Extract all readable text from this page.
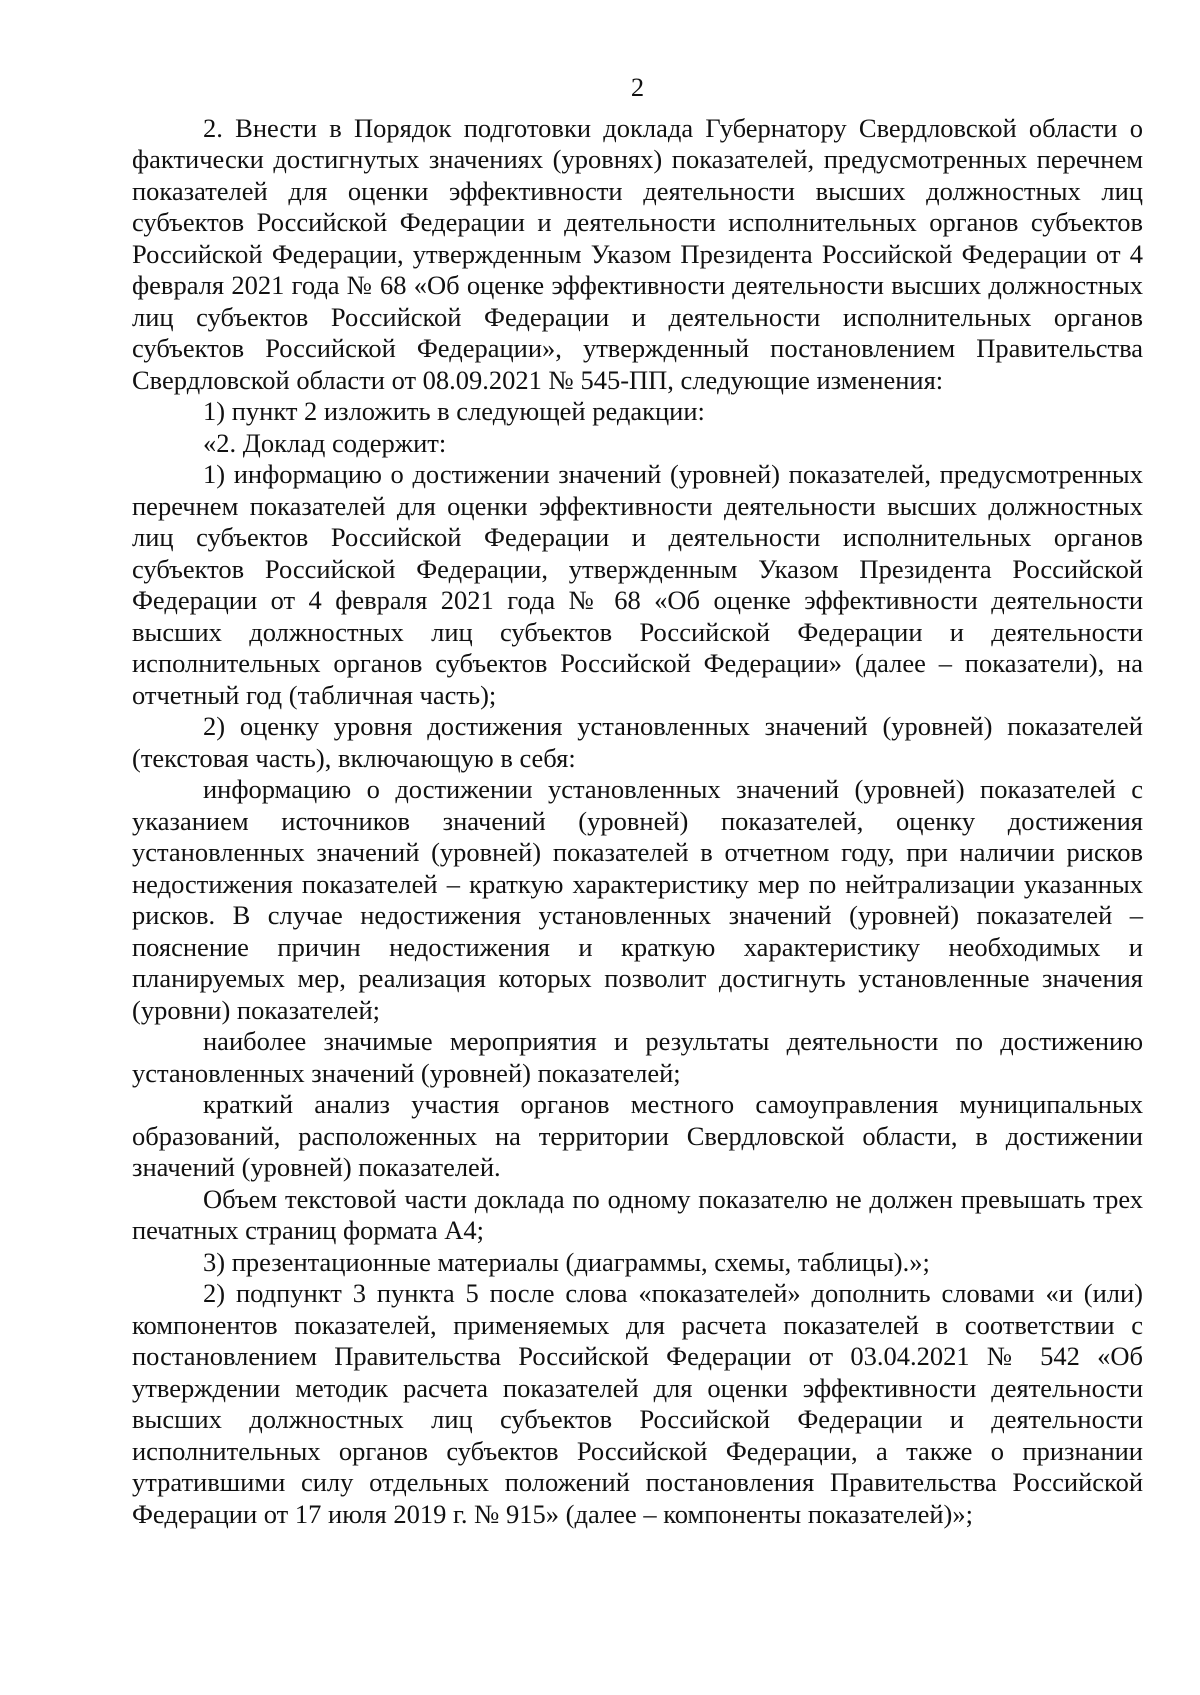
2

2. Внести в Порядок подготовки доклада Губернатору Свердловской области о фактически достигнутых значениях (уровнях) показателей, предусмотренных перечнем показателей для оценки эффективности деятельности высших должностных лиц субъектов Российской Федерации и деятельности исполнительных органов субъектов Российской Федерации, утвержденным Указом Президента Российской Федерации от 4 февраля 2021 года № 68 «Об оценке эффективности деятельности высших должностных лиц субъектов Российской Федерации и деятельности исполнительных органов субъектов Российской Федерации», утвержденный постановлением Правительства Свердловской области от 08.09.2021 № 545-ПП, следующие изменения:

1) пункт 2 изложить в следующей редакции:

«2. Доклад содержит:

1) информацию о достижении значений (уровней) показателей, предусмотренных перечнем показателей для оценки эффективности деятельности высших должностных лиц субъектов Российской Федерации и деятельности исполнительных органов субъектов Российской Федерации, утвержденным Указом Президента Российской Федерации от 4 февраля 2021 года № 68 «Об оценке эффективности деятельности высших должностных лиц субъектов Российской Федерации и деятельности исполнительных органов субъектов Российской Федерации» (далее – показатели), на отчетный год (табличная часть);

2) оценку уровня достижения установленных значений (уровней) показателей (текстовая часть), включающую в себя:

информацию о достижении установленных значений (уровней) показателей с указанием источников значений (уровней) показателей, оценку достижения установленных значений (уровней) показателей в отчетном году, при наличии рисков недостижения показателей – краткую характеристику мер по нейтрализации указанных рисков. В случае недостижения установленных значений (уровней) показателей – пояснение причин недостижения и краткую характеристику необходимых и планируемых мер, реализация которых позволит достигнуть установленные значения (уровни) показателей;

наиболее значимые мероприятия и результаты деятельности по достижению установленных значений (уровней) показателей;

краткий анализ участия органов местного самоуправления муниципальных образований, расположенных на территории Свердловской области, в достижении значений (уровней) показателей.

Объем текстовой части доклада по одному показателю не должен превышать трех печатных страниц формата А4;

3) презентационные материалы (диаграммы, схемы, таблицы).»;

2) подпункт 3 пункта 5 после слова «показателей» дополнить словами «и (или) компонентов показателей, применяемых для расчета показателей в соответствии с постановлением Правительства Российской Федерации от 03.04.2021 № 542 «Об утверждении методик расчета показателей для оценки эффективности деятельности высших должностных лиц субъектов Российской Федерации и деятельности исполнительных органов субъектов Российской Федерации, а также о признании утратившими силу отдельных положений постановления Правительства Российской Федерации от 17 июля 2019 г. № 915» (далее – компоненты показателей)»;
